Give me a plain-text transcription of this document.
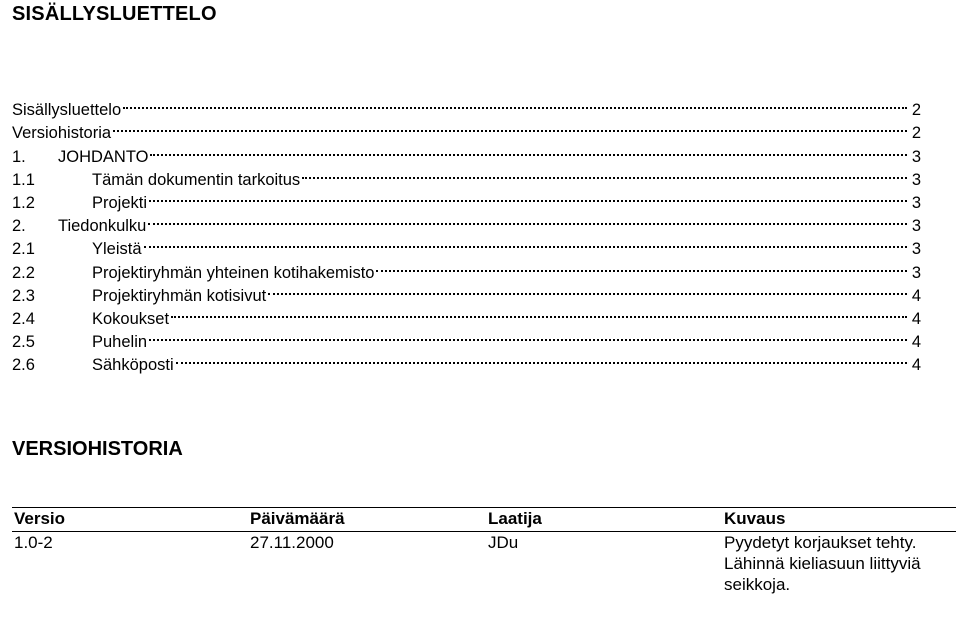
SISÄLLYSLUETTELO
Sisällysluettelo	2
Versiohistoria	2
1.	JOHDANTO	3
1.1	Tämän dokumentin tarkoitus	3
1.2	Projekti	3
2.	Tiedonkulku	3
2.1	Yleistä	3
2.2	Projektiryhmän yhteinen kotihakemisto	3
2.3	Projektiryhmän kotisivut	4
2.4	Kokoukset	4
2.5	Puhelin	4
2.6	Sähköposti	4
VERSIOHISTORIA
Versio	Päivämäärä	Laatija	Kuvaus
1.0-2	27.11.2000	JDu	Pyydetyt korjaukset tehty. Lähinnä kieliasuun liittyviä seikkoja.
